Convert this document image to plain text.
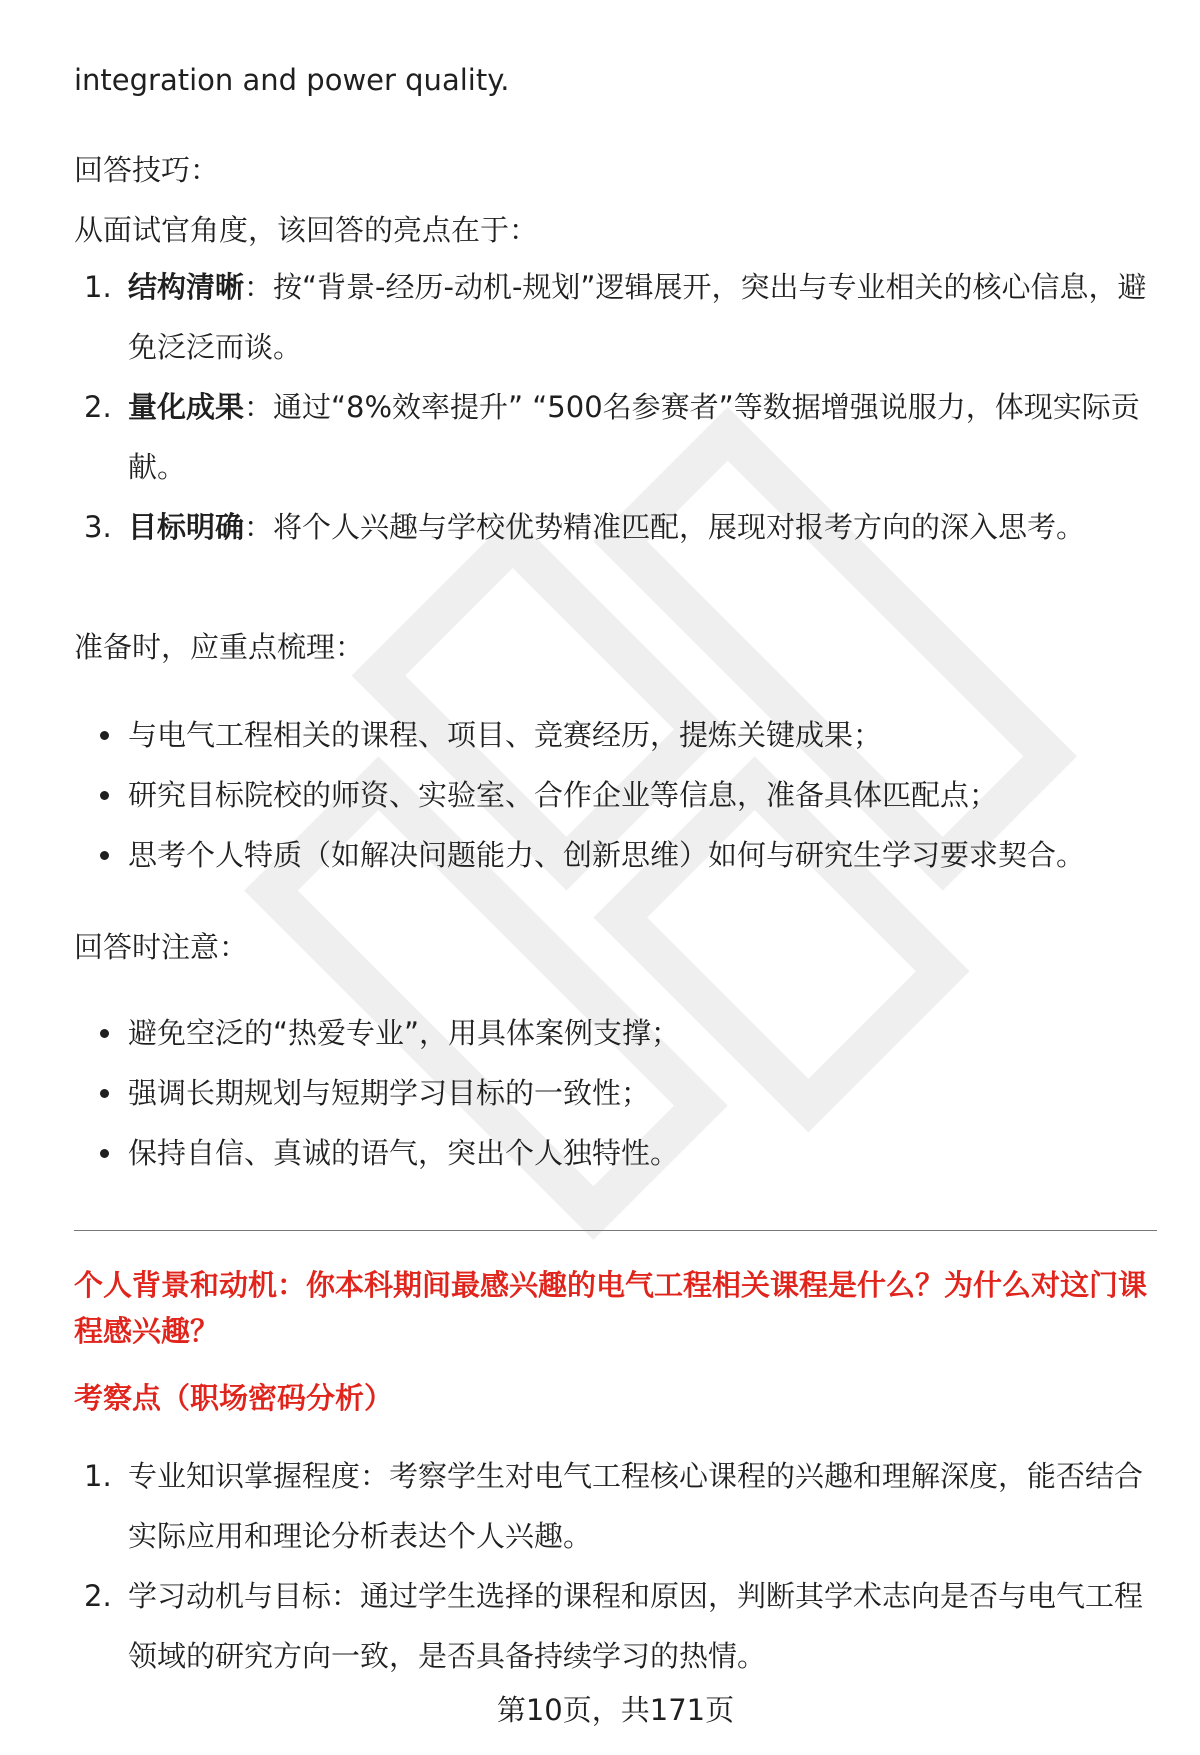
integration and power quality.

回答技巧：

从面试官角度，该回答的亮点在于：

1. 结构清晰：按“背景-经历-动机-规划”逻辑展开，突出与专业相关的核心信息，避免泛泛而谈。
2. 量化成果：通过“8%效率提升” “500名参赛者”等数据增强说服力，体现实际贡献。
3. 目标明确：将个人兴趣与学校优势精准匹配，展现对报考方向的深入思考。

准备时，应重点梳理：

与电气工程相关的课程、项目、竞赛经历，提炼关键成果；
研究目标院校的师资、实验室、合作企业等信息，准备具体匹配点；
思考个人特质（如解决问题能力、创新思维）如何与研究生学习要求契合。

回答时注意：

避免空泛的“热爱专业”，用具体案例支撑；
强调长期规划与短期学习目标的一致性；
保持自信、真诚的语气，突出个人独特性。

个人背景和动机：你本科期间最感兴趣的电气工程相关课程是什么？为什么对这门课程感兴趣？

考察点（职场密码分析）

1. 专业知识掌握程度：考察学生对电气工程核心课程的兴趣和理解深度，能否结合实际应用和理论分析表达个人兴趣。
2. 学习动机与目标：通过学生选择的课程和原因，判断其学术志向是否与电气工程领域的研究方向一致，是否具备持续学习的热情。

第10页，共171页
